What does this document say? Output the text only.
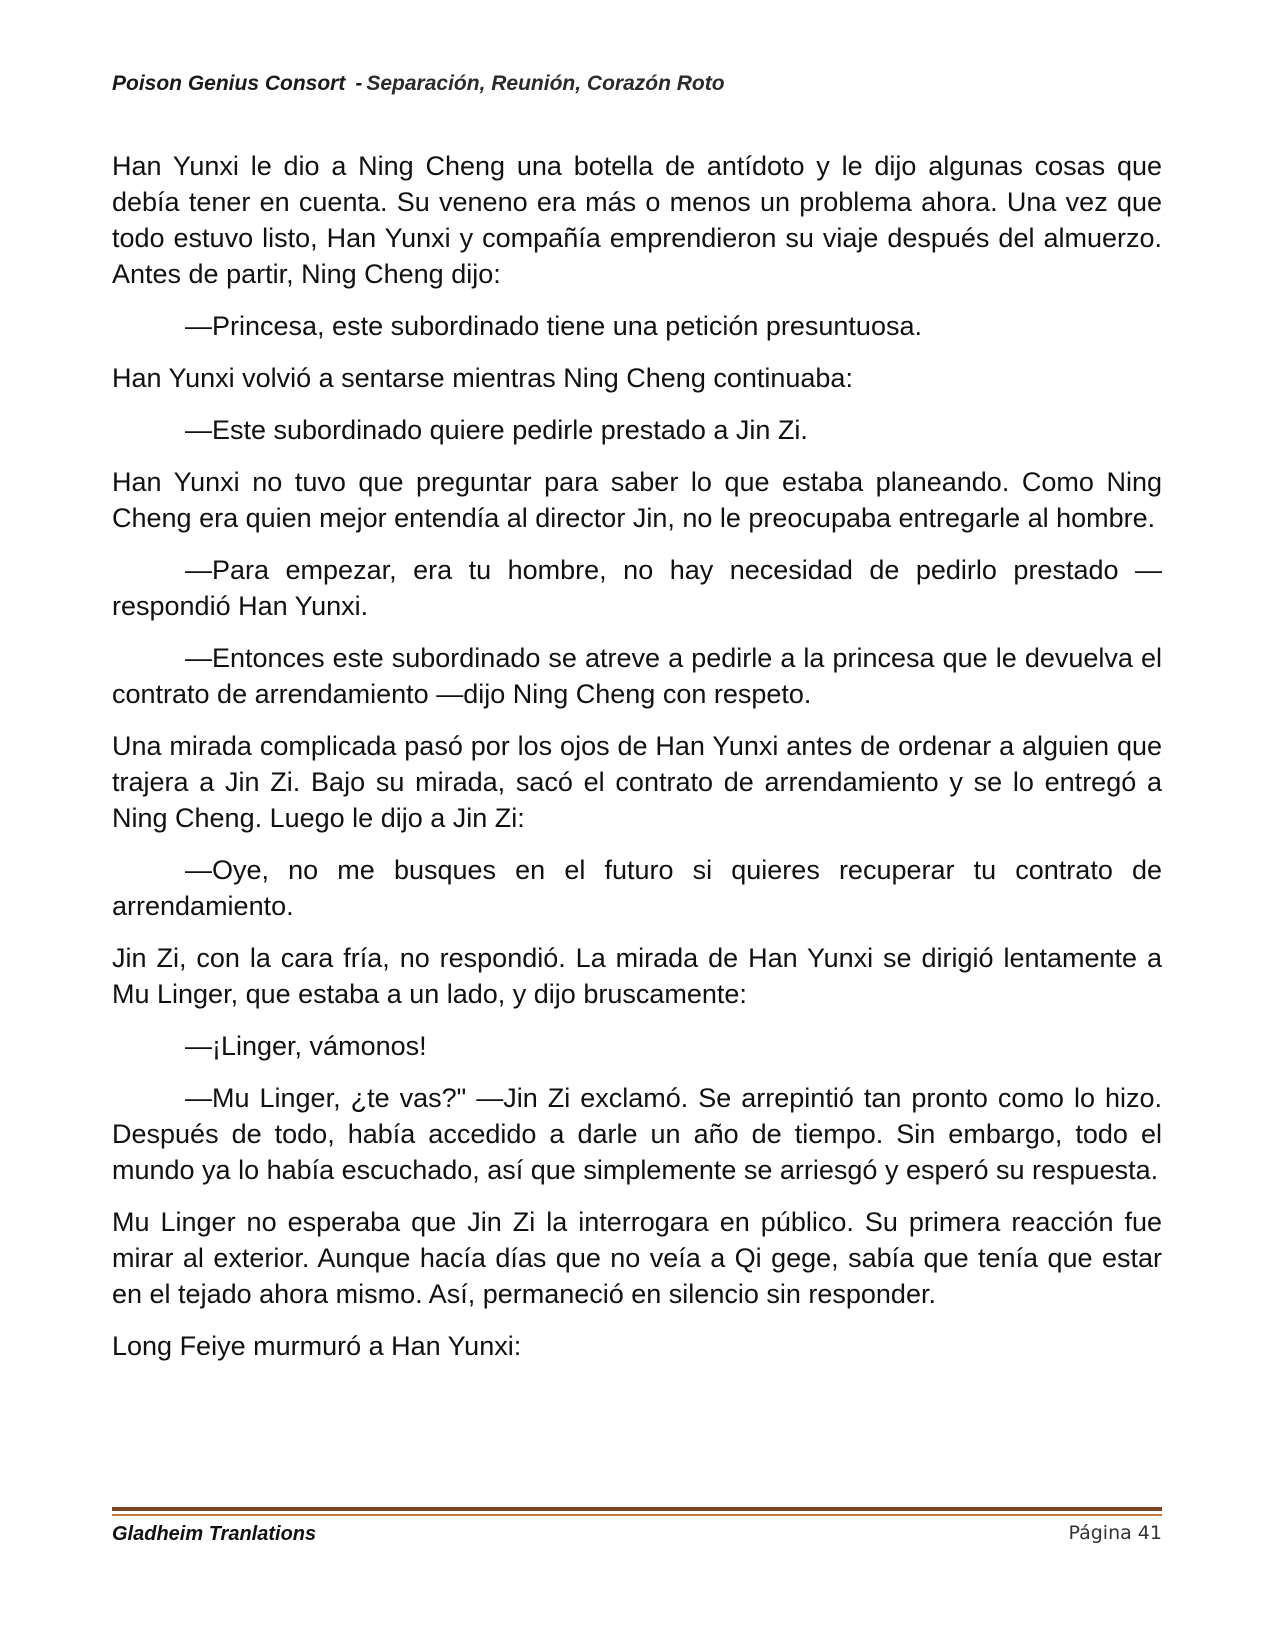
Poison Genius Consort - Separación, Reunión, Corazón Roto

Han Yunxi le dio a Ning Cheng una botella de antídoto y le dijo algunas cosas que debía tener en cuenta. Su veneno era más o menos un problema ahora. Una vez que todo estuvo listo, Han Yunxi y compañía emprendieron su viaje después del almuerzo. Antes de partir, Ning Cheng dijo:

—Princesa, este subordinado tiene una petición presuntuosa.

Han Yunxi volvió a sentarse mientras Ning Cheng continuaba:

—Este subordinado quiere pedirle prestado a Jin Zi.

Han Yunxi no tuvo que preguntar para saber lo que estaba planeando. Como Ning Cheng era quien mejor entendía al director Jin, no le preocupaba entregarle al hombre.

—Para empezar, era tu hombre, no hay necesidad de pedirlo prestado —respondió Han Yunxi.

—Entonces este subordinado se atreve a pedirle a la princesa que le devuelva el contrato de arrendamiento —dijo Ning Cheng con respeto.

Una mirada complicada pasó por los ojos de Han Yunxi antes de ordenar a alguien que trajera a Jin Zi. Bajo su mirada, sacó el contrato de arrendamiento y se lo entregó a Ning Cheng. Luego le dijo a Jin Zi:

—Oye, no me busques en el futuro si quieres recuperar tu contrato de arrendamiento.

Jin Zi, con la cara fría, no respondió. La mirada de Han Yunxi se dirigió lentamente a Mu Linger, que estaba a un lado, y dijo bruscamente:

—¡Linger, vámonos!

—Mu Linger, ¿te vas?" —Jin Zi exclamó. Se arrepintió tan pronto como lo hizo. Después de todo, había accedido a darle un año de tiempo. Sin embargo, todo el mundo ya lo había escuchado, así que simplemente se arriesgó y esperó su respuesta.

Mu Linger no esperaba que Jin Zi la interrogara en público. Su primera reacción fue mirar al exterior. Aunque hacía días que no veía a Qi gege, sabía que tenía que estar en el tejado ahora mismo. Así, permaneció en silencio sin responder.

Long Feiye murmuró a Han Yunxi:

Gladheim Tranlations	Página 41
